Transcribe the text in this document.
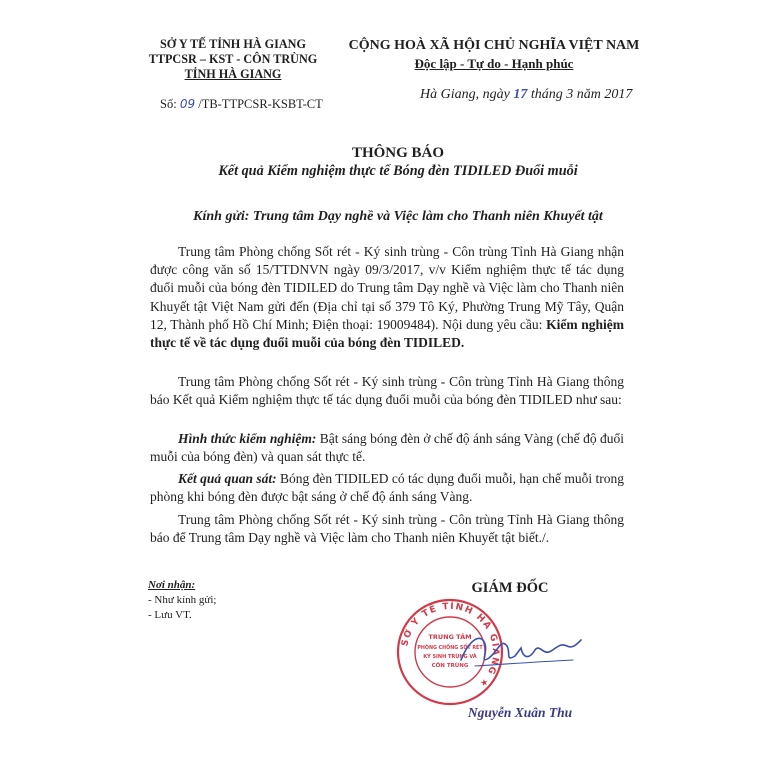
SỞ Y TẾ TỈNH HÀ GIANG
TTPCSR – KST - CÔN TRÙNG
TỈNH HÀ GIANG
CỘNG HOÀ XÃ HỘI CHỦ NGHĨA VIỆT NAM
Độc lập - Tự do - Hạnh phúc
Số: 09 /TB-TTPCSR-KSBT-CT
Hà Giang, ngày 17 tháng 3 năm 2017
THÔNG BÁO
Kết quả Kiểm nghiệm thực tế Bóng đèn TIDILED Đuổi muỗi
Kính gửi: Trung tâm Dạy nghề và Việc làm cho Thanh niên Khuyết tật
Trung tâm Phòng chống Sốt rét - Ký sinh trùng - Côn trùng Tỉnh Hà Giang nhận được công văn số 15/TTDNVN ngày 09/3/2017, v/v Kiểm nghiệm thực tế tác dụng đuổi muỗi của bóng đèn TIDILED do Trung tâm Dạy nghề và Việc làm cho Thanh niên Khuyết tật Việt Nam gửi đến (Địa chỉ tại số 379 Tô Ký, Phường Trung Mỹ Tây, Quận 12, Thành phố Hồ Chí Minh; Điện thoại: 19009484). Nội dung yêu cầu: Kiểm nghiệm thực tế về tác dụng đuổi muỗi của bóng đèn TIDILED.
Trung tâm Phòng chống Sốt rét - Ký sinh trùng - Côn trùng Tỉnh Hà Giang thông báo Kết quả Kiểm nghiệm thực tế tác dụng đuổi muỗi của bóng đèn TIDILED như sau:
Hình thức kiểm nghiệm: Bật sáng bóng đèn ở chế độ ánh sáng Vàng (chế độ đuổi muỗi của bóng đèn) và quan sát thực tế.
Kết quả quan sát: Bóng đèn TIDILED có tác dụng đuổi muỗi, hạn chế muỗi trong phòng khi bóng đèn được bật sáng ở chế độ ánh sáng Vàng.
Trung tâm Phòng chống Sốt rét - Ký sinh trùng - Côn trùng Tỉnh Hà Giang thông báo để Trung tâm Dạy nghề và Việc làm cho Thanh niên Khuyết tật biết./.
Nơi nhận:
- Như kính gửi;
- Lưu VT.
GIÁM ĐỐC
SỞ Y TẾ TỈNH HÀ GIANG ★
TRUNG TÂM
PHÒNG CHỐNG SỐT RÉT
KÝ SINH TRÙNG VÀ
CÔN TRÙNG
Nguyễn Xuân Thu
